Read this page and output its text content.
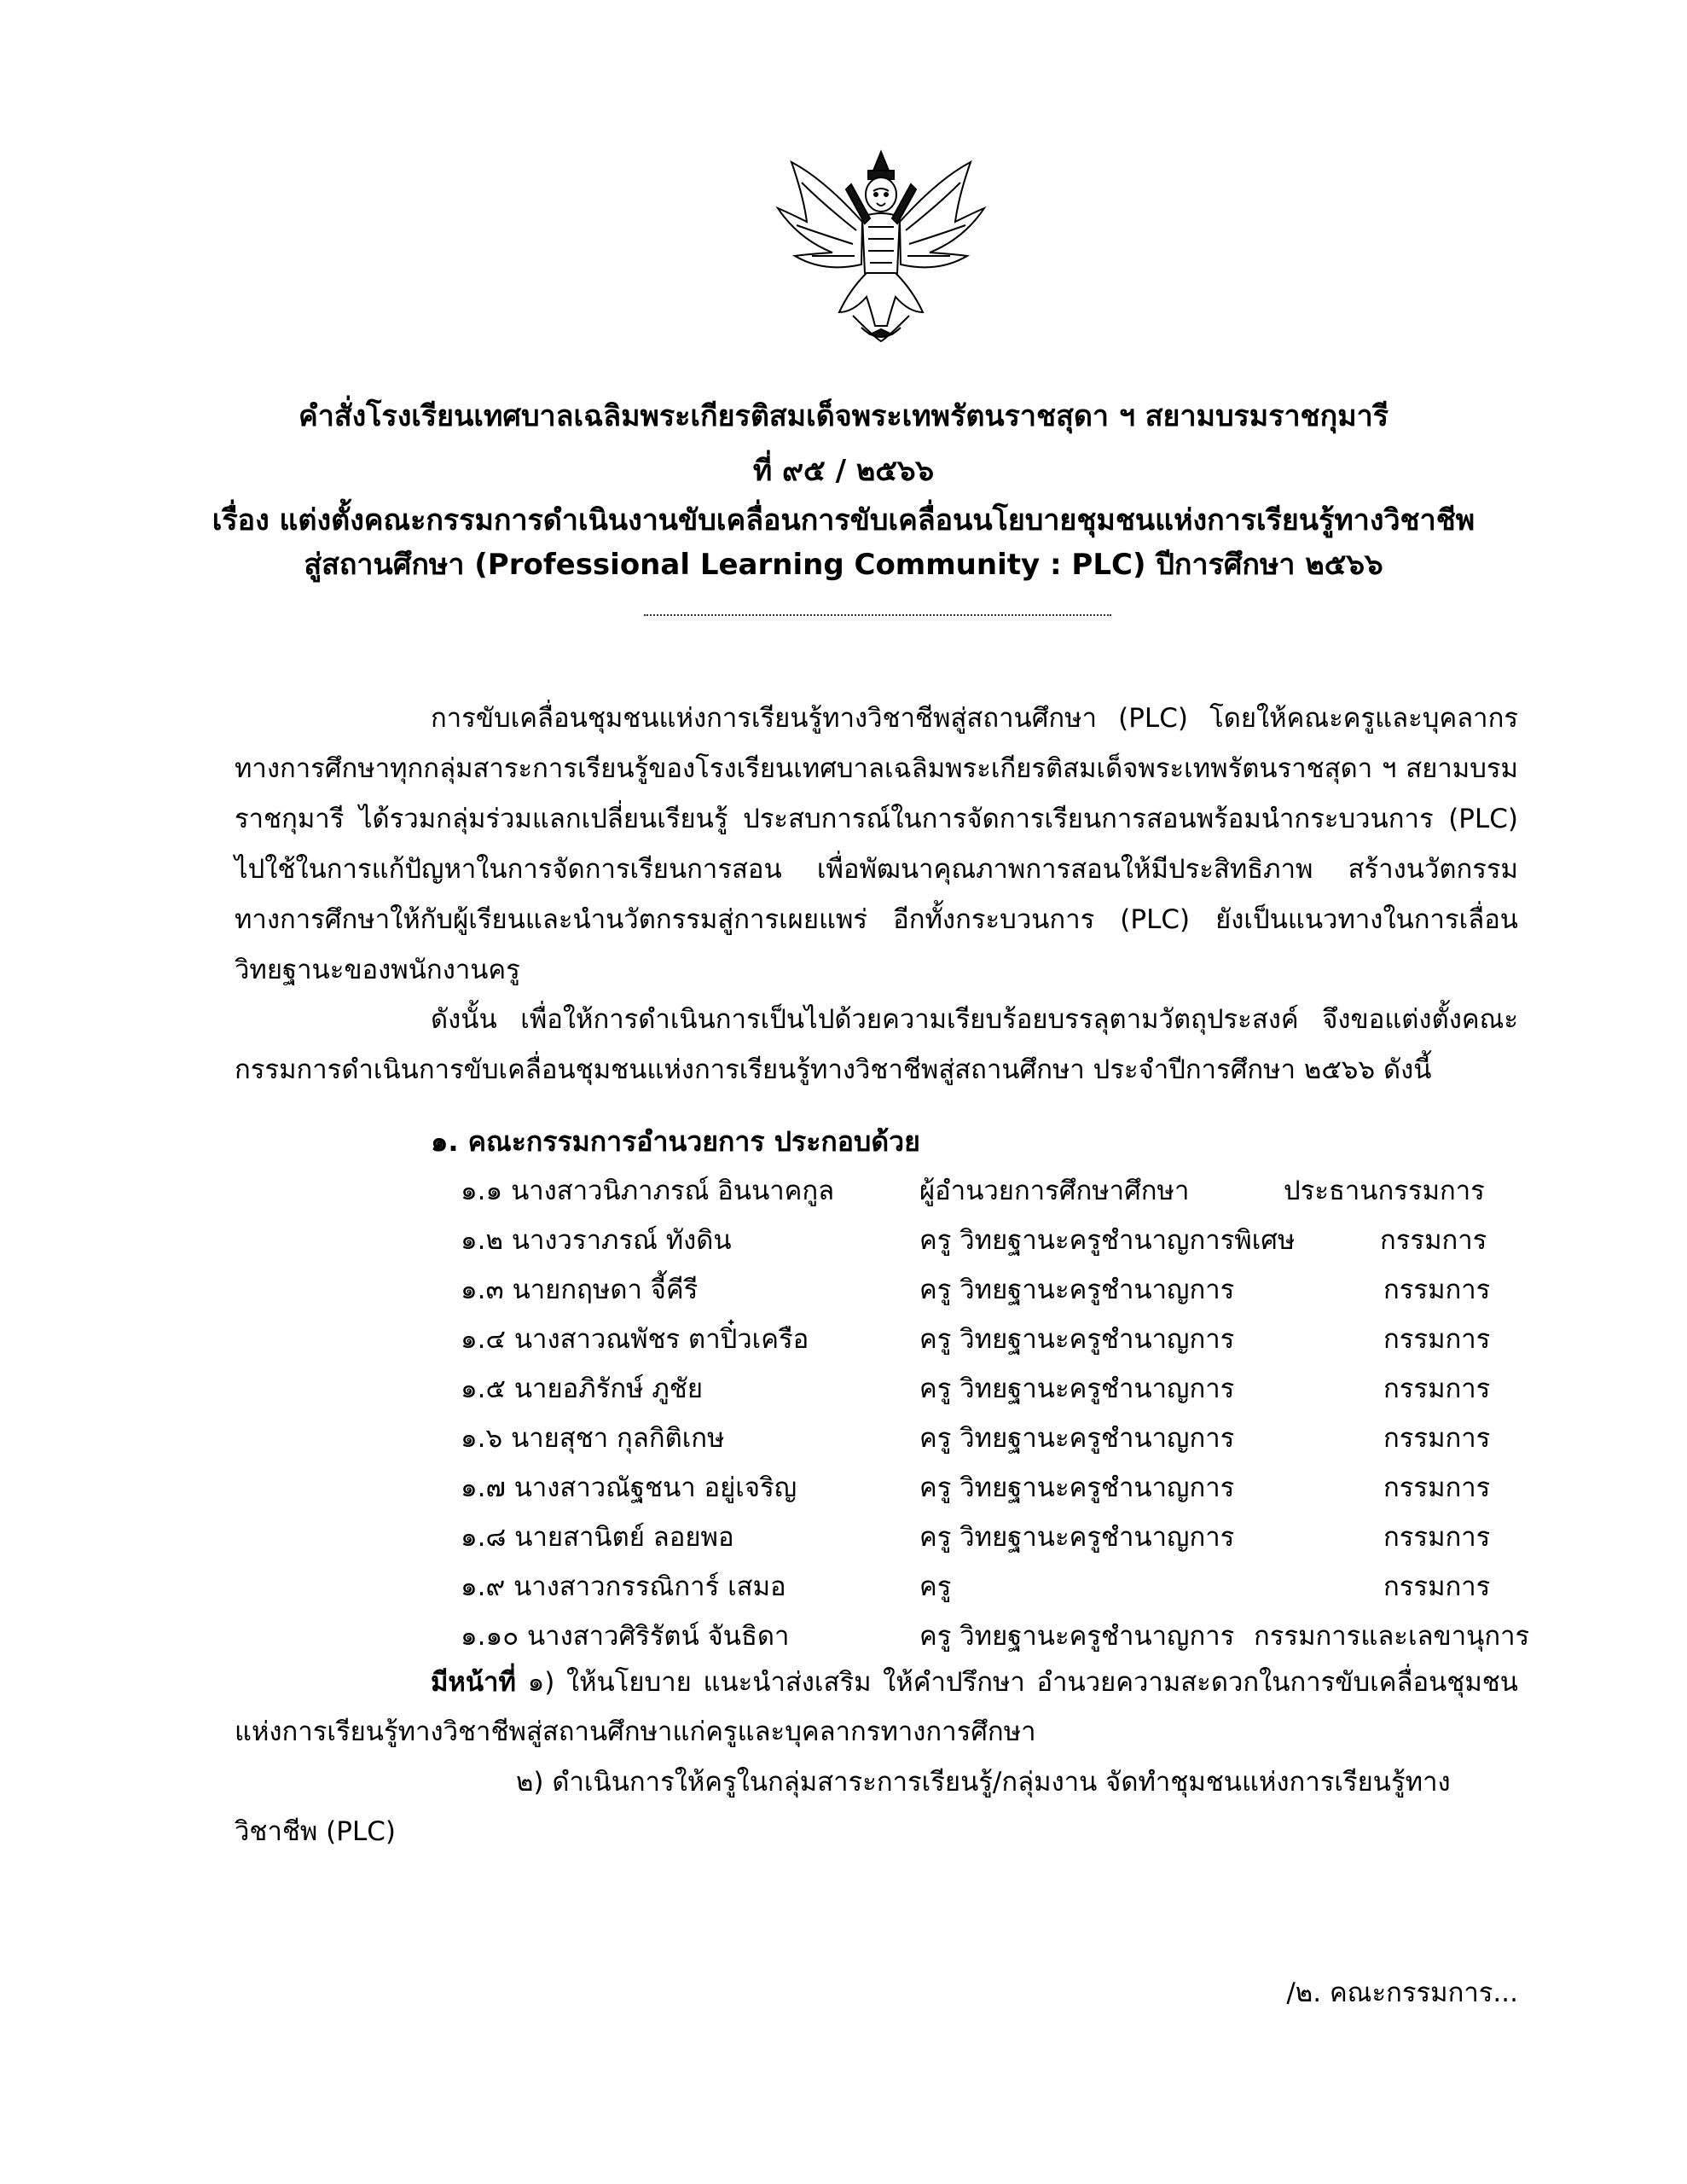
คำสั่งโรงเรียนเทศบาลเฉลิมพระเกียรติสมเด็จพระเทพรัตนราชสุดา ฯ สยามบรมราชกุมารี
ที่ ๙๕ / ๒๕๖๖
เรื่อง แต่งตั้งคณะกรรมการดำเนินงานขับเคลื่อนการขับเคลื่อนนโยบายชุมชนแห่งการเรียนรู้ทางวิชาชีพ
สู่สถานศึกษา (Professional Learning Community : PLC) ปีการศึกษา ๒๕๖๖
การขับเคลื่อนชุมชนแห่งการเรียนรู้ทางวิชาชีพสู่สถานศึกษา (PLC) โดยให้คณะครูและบุคลากรทางการศึกษาทุกกลุ่มสาระการเรียนรู้ของโรงเรียนเทศบาลเฉลิมพระเกียรติสมเด็จพระเทพรัตนราชสุดา ฯ สยามบรมราชกุมารี ได้รวมกลุ่มร่วมแลกเปลี่ยนเรียนรู้ ประสบการณ์ในการจัดการเรียนการสอนพร้อมนำกระบวนการ (PLC) ไปใช้ในการแก้ปัญหาในการจัดการเรียนการสอน เพื่อพัฒนาคุณภาพการสอนให้มีประสิทธิภาพ สร้างนวัตกรรมทางการศึกษาให้กับผู้เรียนและนำนวัตกรรมสู่การเผยแพร่ อีกทั้งกระบวนการ (PLC) ยังเป็นแนวทางในการเลื่อนวิทยฐานะของพนักงานครู
ดังนั้น เพื่อให้การดำเนินการเป็นไปด้วยความเรียบร้อยบรรลุตามวัตถุประสงค์ จึงขอแต่งตั้งคณะกรรมการดำเนินการขับเคลื่อนชุมชนแห่งการเรียนรู้ทางวิชาชีพสู่สถานศึกษา ประจำปีการศึกษา ๒๕๖๖ ดังนี้
๑. คณะกรรมการอำนวยการ ประกอบด้วย
๑.๑ นางสาวนิภาภรณ์ อินนาคกูล	ผู้อำนวยการศึกษาศึกษา	ประธานกรรมการ
๑.๒ นางวราภรณ์ ทังดิน	ครู วิทยฐานะครูชำนาญการพิเศษ	กรรมการ
๑.๓ นายกฤษดา จี้คีรี	ครู วิทยฐานะครูชำนาญการ	กรรมการ
๑.๔ นางสาวณพัชร ตาปิ๋วเครือ	ครู วิทยฐานะครูชำนาญการ	กรรมการ
๑.๕ นายอภิรักษ์ ภูชัย	ครู วิทยฐานะครูชำนาญการ	กรรมการ
๑.๖ นายสุชา กุลกิติเกษ	ครู วิทยฐานะครูชำนาญการ	กรรมการ
๑.๗ นางสาวณัฐชนา อยู่เจริญ	ครู วิทยฐานะครูชำนาญการ	กรรมการ
๑.๘ นายสานิตย์ ลอยพอ	ครู วิทยฐานะครูชำนาญการ	กรรมการ
๑.๙ นางสาวกรรณิการ์ เสมอ	ครู	กรรมการ
๑.๑๐ นางสาวศิริรัตน์ จันธิดา	ครู วิทยฐานะครูชำนาญการ กรรมการและเลขานุการ
มีหน้าที่ ๑) ให้นโยบาย แนะนำส่งเสริม ให้คำปรึกษา อำนวยความสะดวกในการขับเคลื่อนชุมชนแห่งการเรียนรู้ทางวิชาชีพสู่สถานศึกษาแก่ครูและบุคลากรทางการศึกษา
๒) ดำเนินการให้ครูในกลุ่มสาระการเรียนรู้/กลุ่มงาน จัดทำชุมชนแห่งการเรียนรู้ทางวิชาชีพ (PLC)
/๒. คณะกรรมการ...
